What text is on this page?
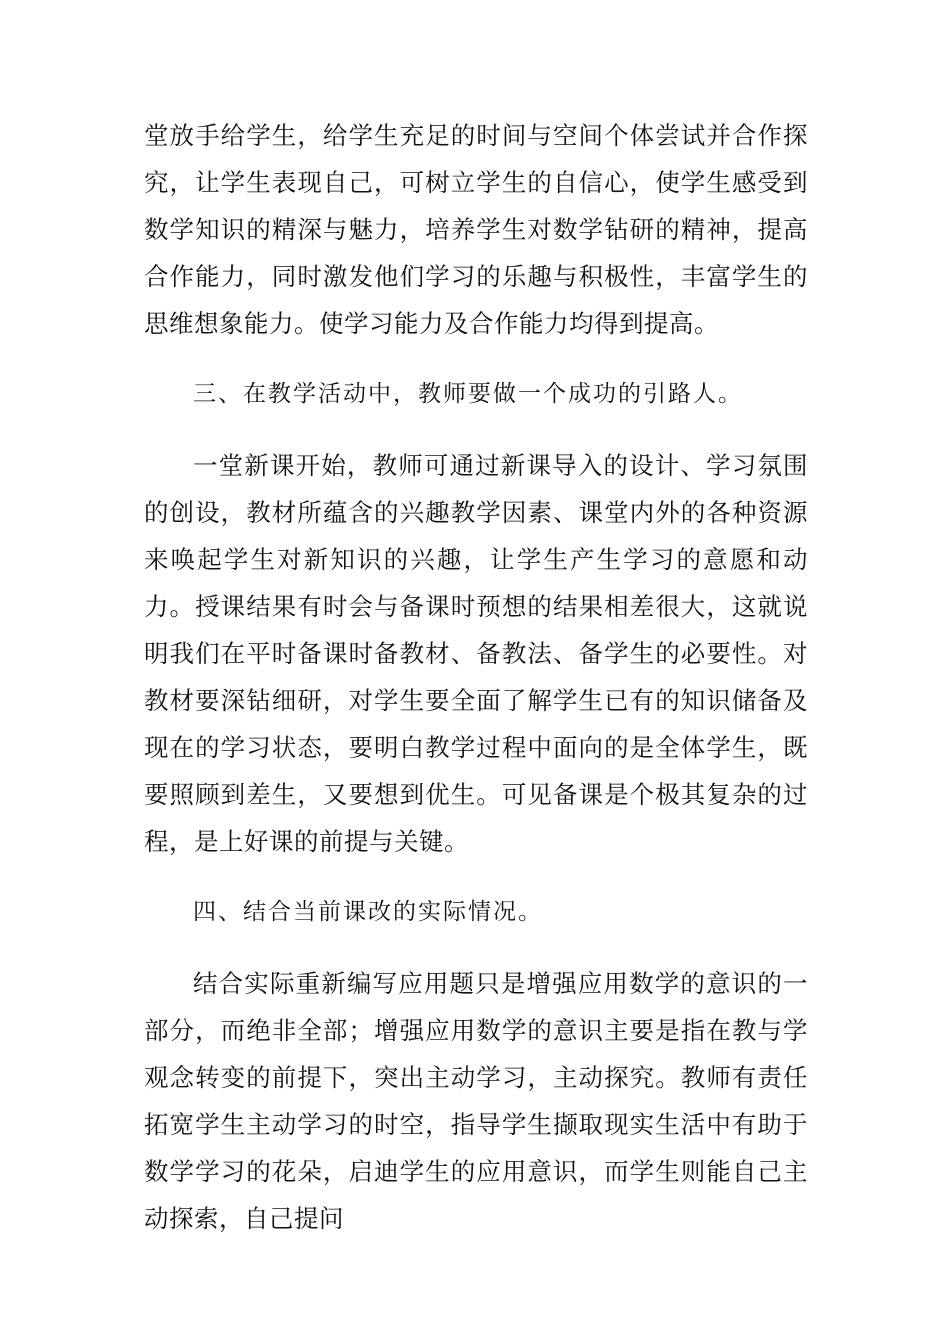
堂放手给学生，给学生充足的时间与空间个体尝试并合作探究，让学生表现自己，可树立学生的自信心，使学生感受到数学知识的精深与魅力，培养学生对数学钻研的精神，提高合作能力，同时激发他们学习的乐趣与积极性，丰富学生的思维想象能力。使学习能力及合作能力均得到提高。

三、在教学活动中，教师要做一个成功的引路人。

一堂新课开始，教师可通过新课导入的设计、学习氛围的创设，教材所蕴含的兴趣教学因素、课堂内外的各种资源来唤起学生对新知识的兴趣，让学生产生学习的意愿和动力。授课结果有时会与备课时预想的结果相差很大，这就说明我们在平时备课时备教材、备教法、备学生的必要性。对教材要深钻细研，对学生要全面了解学生已有的知识储备及现在的学习状态，要明白教学过程中面向的是全体学生，既要照顾到差生，又要想到优生。可见备课是个极其复杂的过程，是上好课的前提与关键。

四、结合当前课改的实际情况。

结合实际重新编写应用题只是增强应用数学的意识的一部分，而绝非全部；增强应用数学的意识主要是指在教与学观念转变的前提下，突出主动学习，主动探究。教师有责任拓宽学生主动学习的时空，指导学生撷取现实生活中有助于数学学习的花朵，启迪学生的应用意识，而学生则能自己主动探索，自己提问
